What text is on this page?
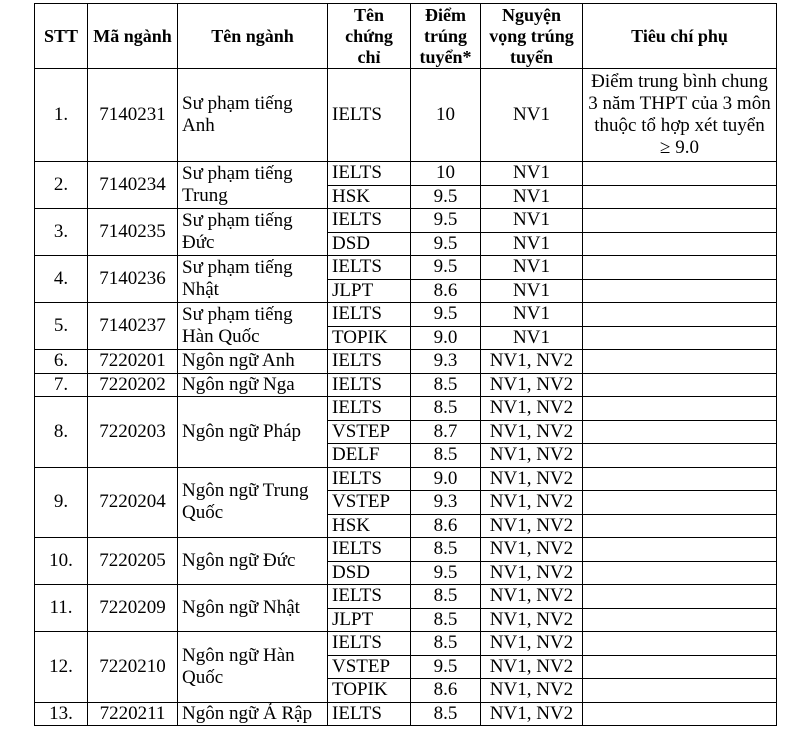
STT	Mã ngành	Tên ngành	Tên chứng chỉ	Điểm trúng tuyển*	Nguyện vọng trúng tuyển	Tiêu chí phụ
1.	7140231	Sư phạm tiếng Anh	IELTS	10	NV1	Điểm trung bình chung 3 năm THPT của 3 môn thuộc tổ hợp xét tuyển ≥ 9.0
2.	7140234	Sư phạm tiếng Trung	IELTS	10	NV1	
			HSK	9.5	NV1	
3.	7140235	Sư phạm tiếng Đức	IELTS	9.5	NV1	
			DSD	9.5	NV1	
4.	7140236	Sư phạm tiếng Nhật	IELTS	9.5	NV1	
			JLPT	8.6	NV1	
5.	7140237	Sư phạm tiếng Hàn Quốc	IELTS	9.5	NV1	
			TOPIK	9.0	NV1	
6.	7220201	Ngôn ngữ Anh	IELTS	9.3	NV1, NV2	
7.	7220202	Ngôn ngữ Nga	IELTS	8.5	NV1, NV2	
8.	7220203	Ngôn ngữ Pháp	IELTS	8.5	NV1, NV2	
			VSTEP	8.7	NV1, NV2	
			DELF	8.5	NV1, NV2	
9.	7220204	Ngôn ngữ Trung Quốc	IELTS	9.0	NV1, NV2	
			VSTEP	9.3	NV1, NV2	
			HSK	8.6	NV1, NV2	
10.	7220205	Ngôn ngữ Đức	IELTS	8.5	NV1, NV2	
			DSD	9.5	NV1, NV2	
11.	7220209	Ngôn ngữ Nhật	IELTS	8.5	NV1, NV2	
			JLPT	8.5	NV1, NV2	
12.	7220210	Ngôn ngữ Hàn Quốc	IELTS	8.5	NV1, NV2	
			VSTEP	9.5	NV1, NV2	
			TOPIK	8.6	NV1, NV2	
13.	7220211	Ngôn ngữ Ả Rập	IELTS	8.5	NV1, NV2	
